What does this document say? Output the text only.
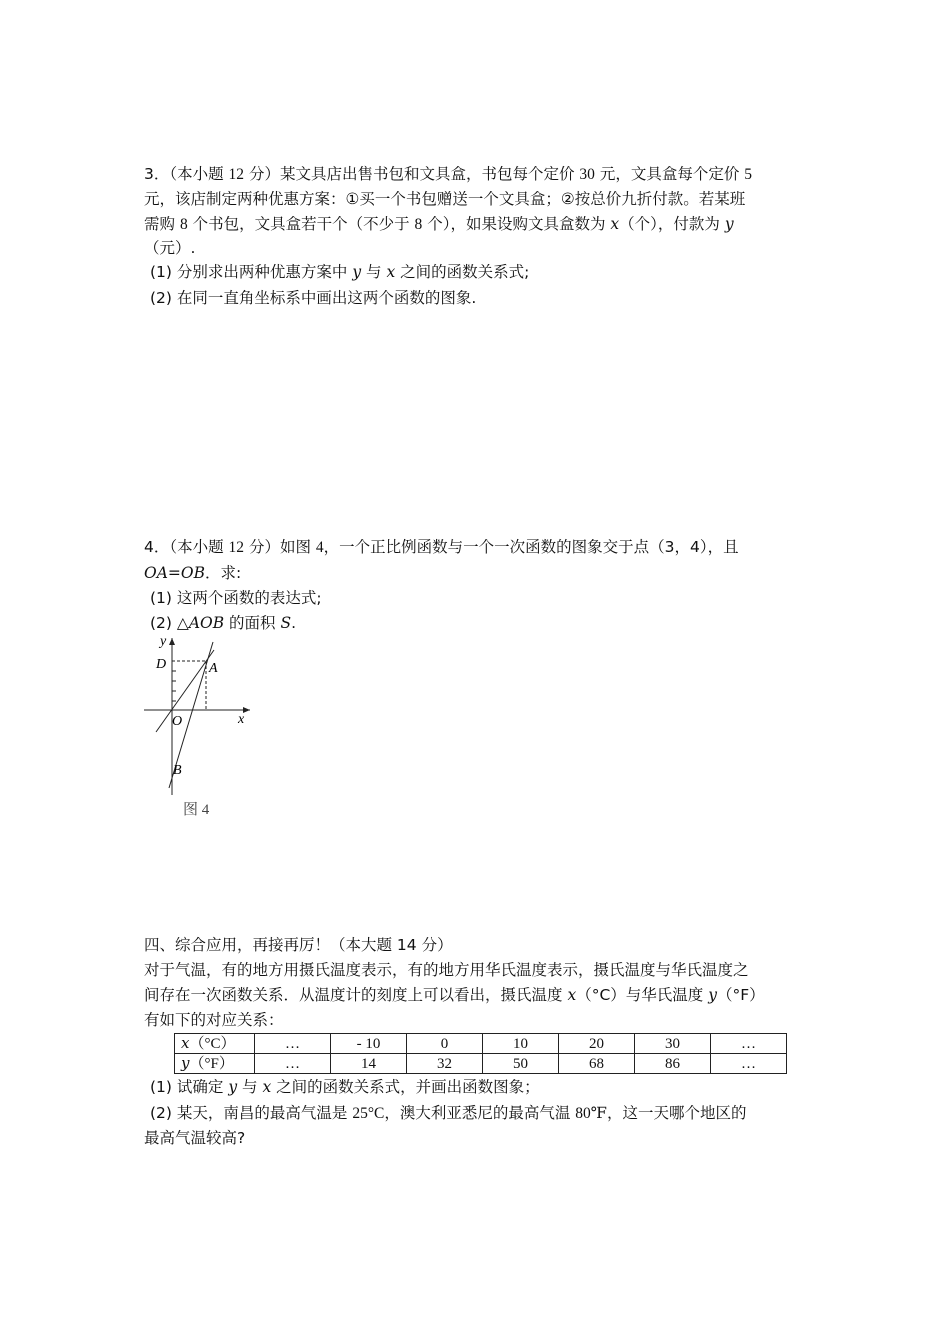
3．（本小题 12 分）某文具店出售书包和文具盒，书包每个定价 30 元，文具盒每个定价 5
元，该店制定两种优惠方案：①买一个书包赠送一个文具盒；②按总价九折付款。若某班
需购 8 个书包，文具盒若干个（不少于 8 个），如果设购文具盒数为 x（个），付款为 y
（元）.
(1) 分别求出两种优惠方案中 y 与 x 之间的函数关系式;
(2) 在同一直角坐标系中画出这两个函数的图象.
4．（本小题 12 分）如图 4，一个正比例函数与一个一次函数的图象交于点（3，4），且
OA=OB．求:
(1) 这两个函数的表达式;
(2) △AOB 的面积 S.
y
x
D	A
O
B
图 4
四、综合应用，再接再厉！（本大题 14 分）
对于气温，有的地方用摄氏温度表示，有的地方用华氏温度表示，摄氏温度与华氏温度之
间存在一次函数关系．从温度计的刻度上可以看出，摄氏温度 x（°C）与华氏温度 y（°F）
有如下的对应关系：
x（°C）	…	- 10	0	10	20	30	…
y（°F）	…	14	32	50	68	86	…
(1) 试确定 y 与 x 之间的函数关系式，并画出函数图象；
(2) 某天，南昌的最高气温是 25°C，澳大利亚悉尼的最高气温 80℉，这一天哪个地区的
最高气温较高?
